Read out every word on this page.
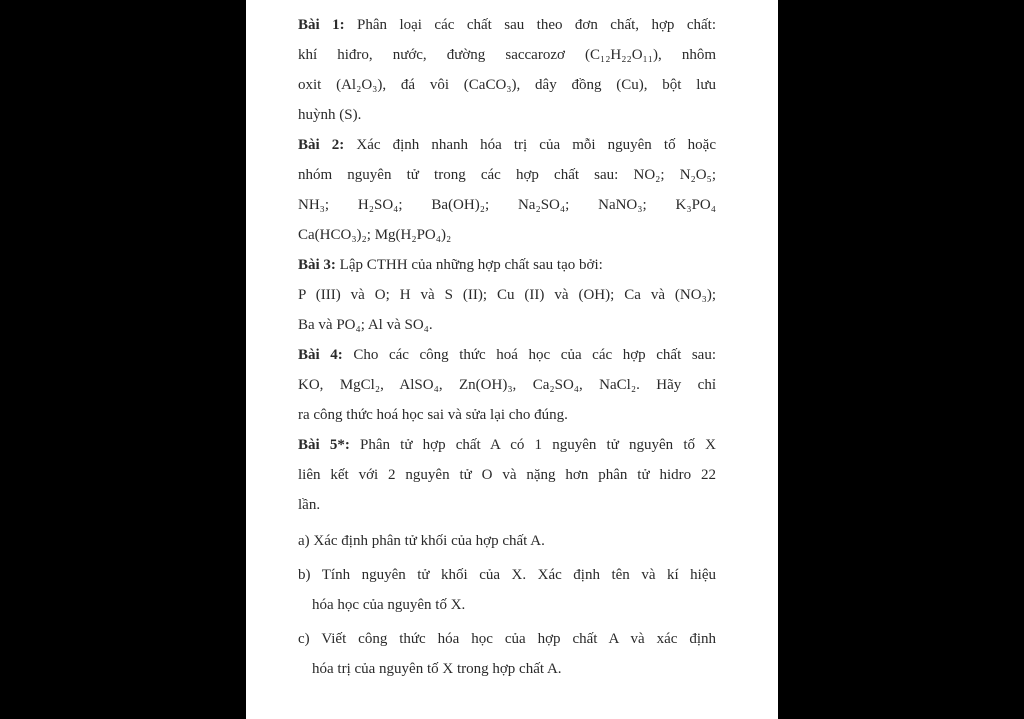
Bài 1: Phân loại các chất sau theo đơn chất, hợp chất:
khí hiđro, nước, đường saccarozơ (C₁₂H₂₂O₁₁), nhôm
oxit (Al₂O₃), đá vôi (CaCO₃), dây đồng (Cu), bột lưu
huỳnh (S).
Bài 2: Xác định nhanh hóa trị của mỗi nguyên tố hoặc
nhóm nguyên tử trong các hợp chất sau: NO₂; N₂O₅;
NH₃; H₂SO₄; Ba(OH)₂; Na₂SO₄; NaNO₃; K₃PO₄
Ca(HCO₃)₂; Mg(H₂PO₄)₂
Bài 3: Lập CTHH của những hợp chất sau tạo bởi:
P (III) và O; H và S (II); Cu (II) và (OH); Ca và (NO₃);
Ba và PO₄; Al và SO₄.
Bài 4: Cho các công thức hoá học của các hợp chất sau:
KO, MgCl₂, AlSO₄, Zn(OH)₃, Ca₂SO₄, NaCl₂. Hãy chỉ
ra công thức hoá học sai và sửa lại cho đúng.
Bài 5*: Phân tử hợp chất A có 1 nguyên tử nguyên tố X
liên kết với 2 nguyên tử O và nặng hơn phân tử hidro 22
lần.
a) Xác định phân tử khối của hợp chất A.
b) Tính nguyên tử khối của X. Xác định tên và kí hiệu
hóa học của nguyên tố X.
c) Viết công thức hóa học của hợp chất A và xác định
hóa trị của nguyên tố X trong hợp chất A.
